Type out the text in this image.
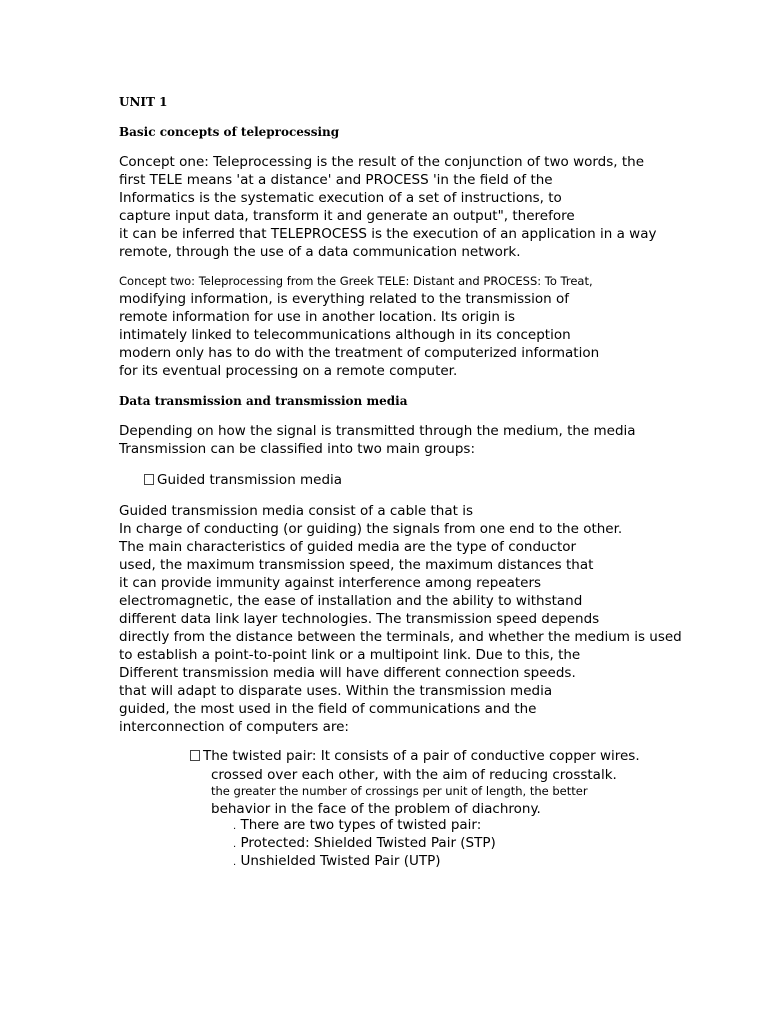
UNIT 1
Basic concepts of teleprocessing
Concept one: Teleprocessing is the result of the conjunction of two words, the
first TELE means 'at a distance' and PROCESS 'in the field of the
Informatics is the systematic execution of a set of instructions, to
capture input data, transform it and generate an output", therefore
it can be inferred that TELEPROCESS is the execution of an application in a way
remote, through the use of a data communication network.
Concept two: Teleprocessing from the Greek TELE: Distant and PROCESS: To Treat,
modifying information, is everything related to the transmission of
remote information for use in another location. Its origin is
intimately linked to telecommunications although in its conception
modern only has to do with the treatment of computerized information
for its eventual processing on a remote computer.
Data transmission and transmission media
Depending on how the signal is transmitted through the medium, the media
Transmission can be classified into two main groups:
Guided transmission media
Guided transmission media consist of a cable that is
In charge of conducting (or guiding) the signals from one end to the other.
The main characteristics of guided media are the type of conductor
used, the maximum transmission speed, the maximum distances that
it can provide immunity against interference among repeaters
electromagnetic, the ease of installation and the ability to withstand
different data link layer technologies. The transmission speed depends
directly from the distance between the terminals, and whether the medium is used
to establish a point-to-point link or a multipoint link. Due to this, the
Different transmission media will have different connection speeds.
that will adapt to disparate uses. Within the transmission media
guided, the most used in the field of communications and the
interconnection of computers are:
The twisted pair: It consists of a pair of conductive copper wires.
crossed over each other, with the aim of reducing crosstalk.
the greater the number of crossings per unit of length, the better
behavior in the face of the problem of diachrony.
. There are two types of twisted pair:
. Protected: Shielded Twisted Pair (STP)
. Unshielded Twisted Pair (UTP)
